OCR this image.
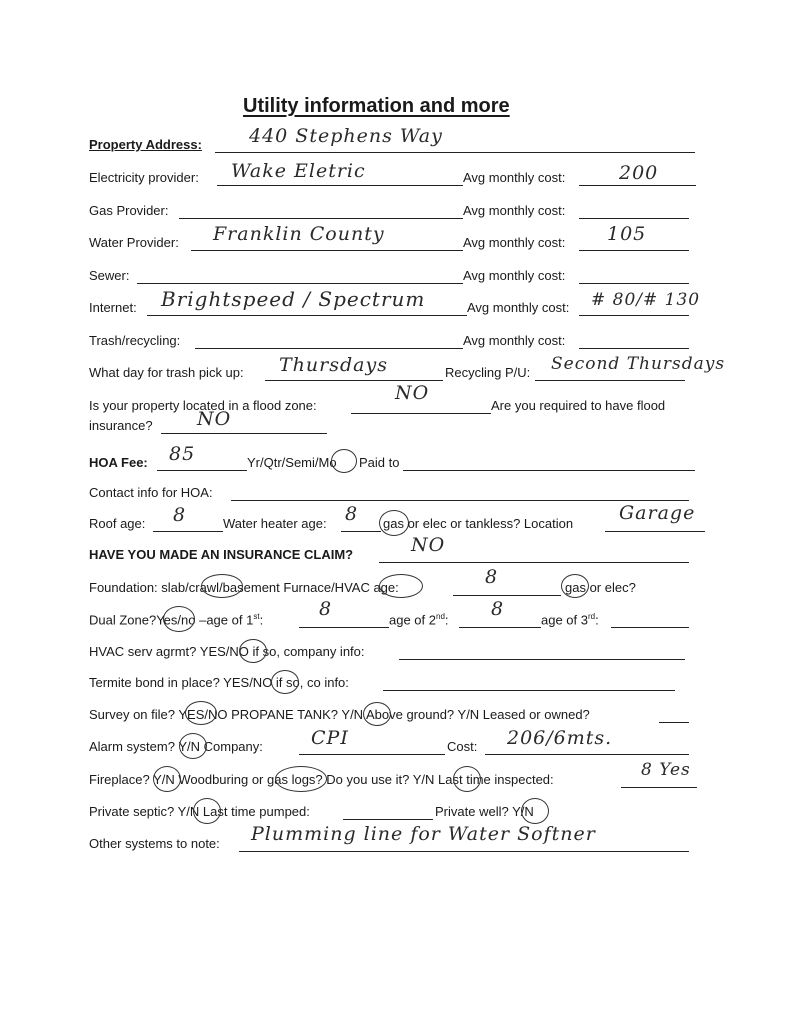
Utility information and more
Property Address: 440 Stephens Way
Electricity provider: Wake Eletric	Avg monthly cost:	200
Gas Provider:	Avg monthly cost:
Water Provider: Franklin County	Avg monthly cost: 105
Sewer:	Avg monthly cost:
Internet: Brightspeed / Spectrum	Avg monthly cost: # 80/# 130
Trash/recycling:	Avg monthly cost:
What day for trash pick up: Thursdays	Recycling P/U: Second Thursdays
Is your property located in a flood zone:
NO
Are you required to have flood
insurance? NO
HOA Fee: 85	Yr/Qtr/Semi/Mo Paid to
Contact info for HOA:
Roof age: 8	Water heater age: 8 gas or elec or tankless? Location Garage
HAVE YOU MADE AN INSURANCE CLAIM?	NO
Foundation: slab/crawl/basement Furnace/HVAC age:	8	gas or elec?
Dual Zone?Yes/no –age of 1st:	8	age of 2nd: 8	age of 3rd:
HVAC serv agrmt? YES/NO if so, company info:
Termite bond in place? YES/NO if so, co info:
Survey on file? YES/NO PROPANE TANK? Y/N Above ground? Y/N Leased or owned?
Alarm system? Y/N Company:	CPI	Cost: 206/6mts.
Fireplace? Y/N Woodburing or gas logs? Do you use it? Y/N Last time inspected:	8 Yes
Private septic? Y/N Last time pumped:	Private well? Y/N
Other systems to note: Plumming line for Water Softner
